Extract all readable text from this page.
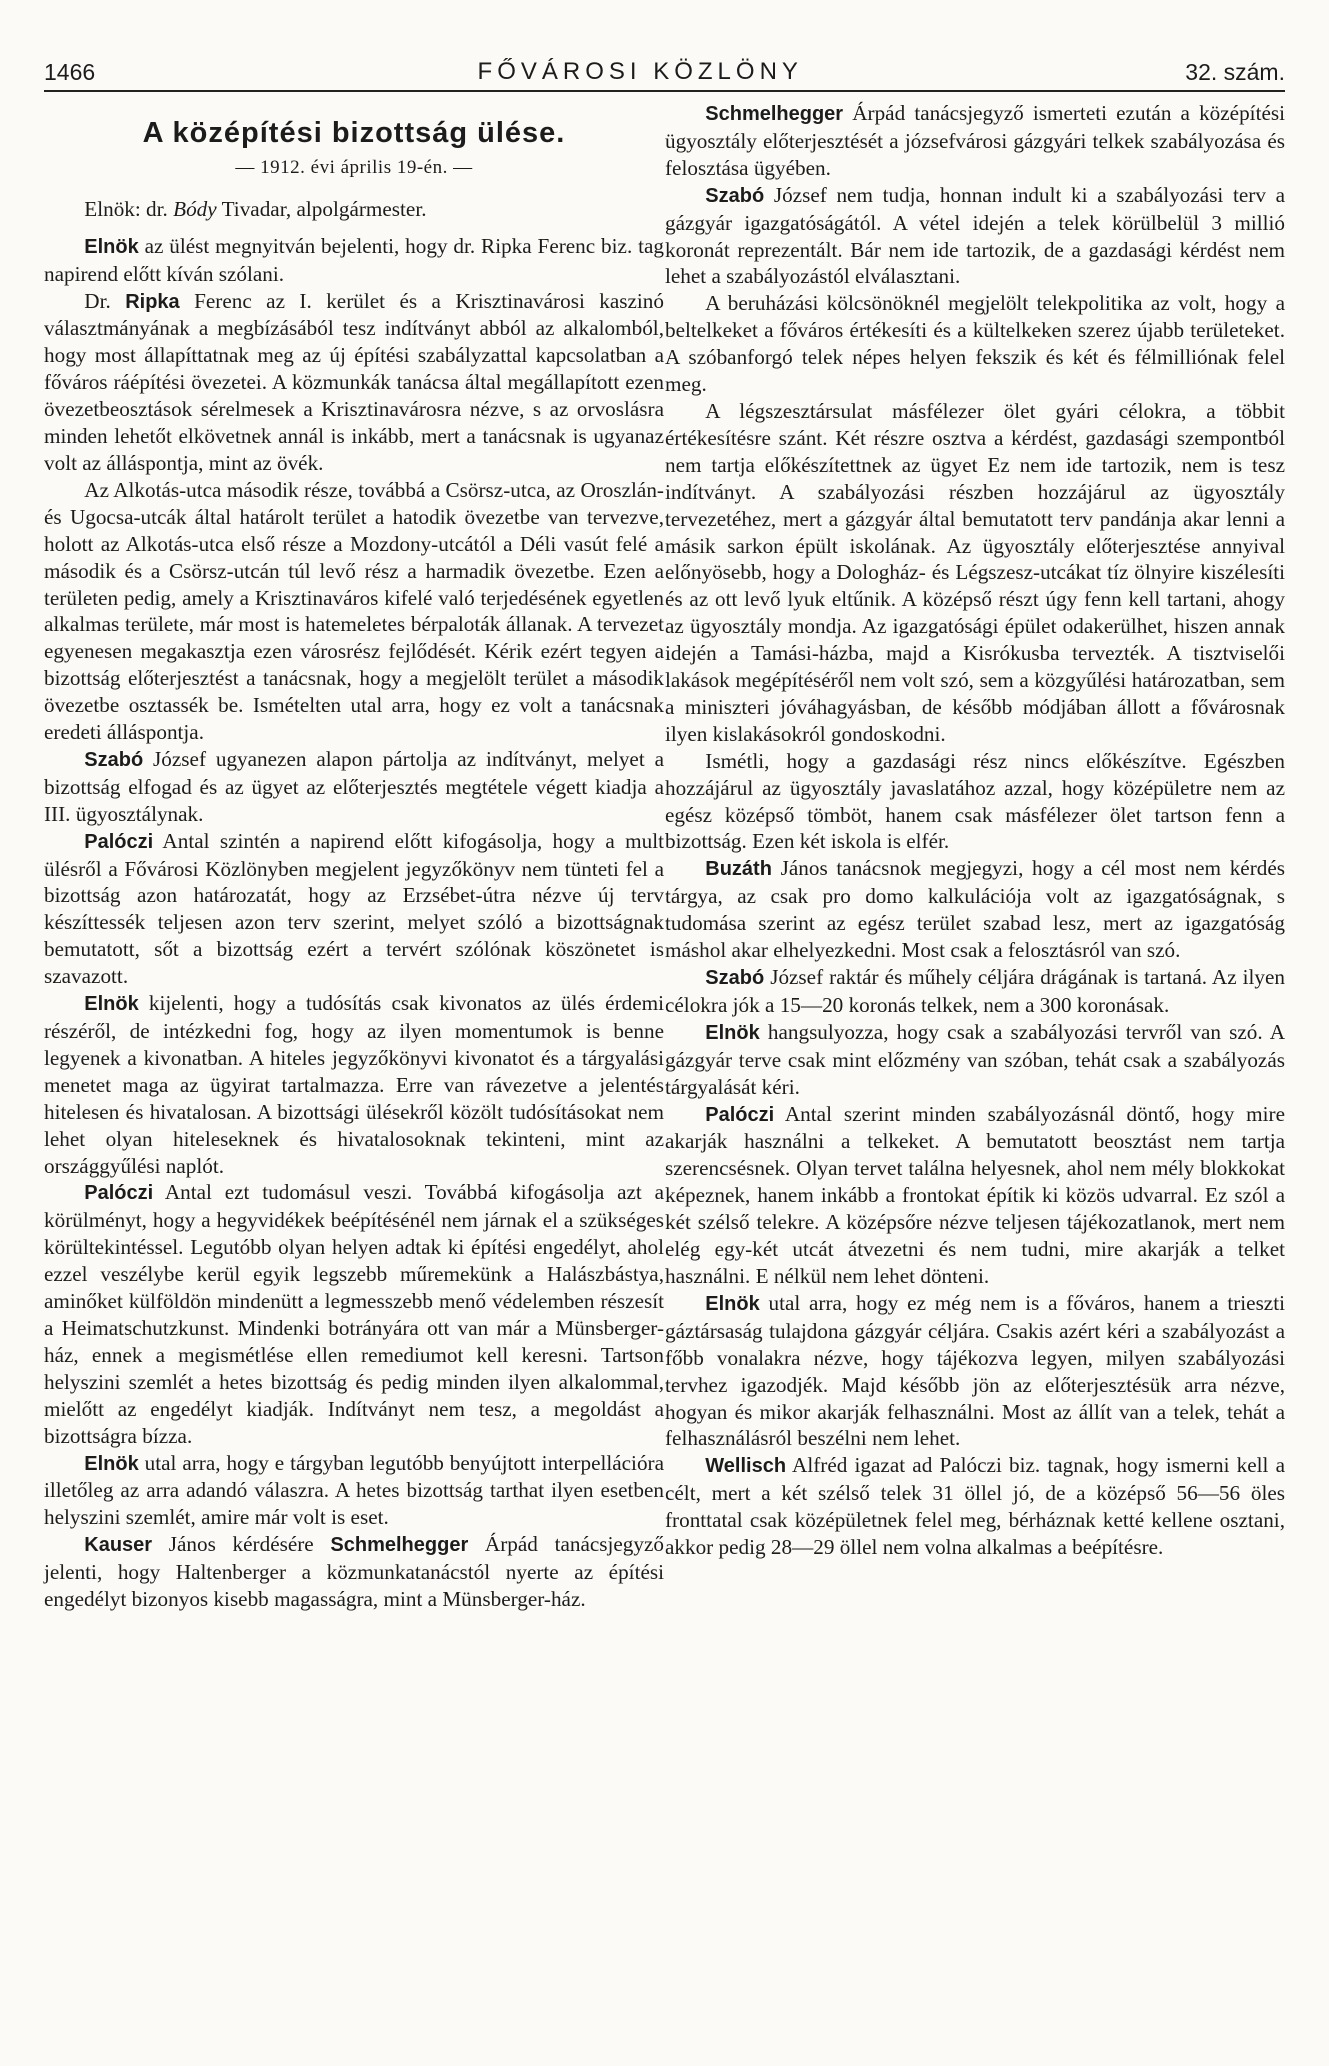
1466	FŐVÁROSI KÖZLÖNY	32. szám.
A középítési bizottság ülése.
— 1912. évi április 19-én. —

Elnök: dr. Bódy Tivadar, alpolgármester.

Elnök az ülést megnyitván bejelenti, hogy dr. Ripka Ferenc biz. tag napirend előtt kíván szólani.

Dr. Ripka Ferenc az I. kerület és a Krisztinavárosi kaszinó választmányának a megbízásából tesz indítványt abból az alkalomból, hogy most állapíttatnak meg az új építési szabályzattal kapcsolatban a főváros ráépítési övezetei. A közmunkák tanácsa által megállapított ezen övezetbeosztások sérelmesek a Krisztinavárosra nézve, s az orvoslásra minden lehetőt elkövetnek annál is inkább, mert a tanácsnak is ugyanaz volt az álláspontja, mint az övék.

Az Alkotás-utca második része, továbbá a Csörsz-utca, az Oroszlán- és Ugocsa-utcák által határolt terület a hatodik övezetbe van tervezve, holott az Alkotás-utca első része a Mozdony-utcától a Déli vasút felé a második és a Csörsz-utcán túl levő rész a harmadik övezetbe. Ezen a területen pedig, amely a Krisztinaváros kifelé való terjedésének egyetlen alkalmas területe, már most is hatemeletes bérpaloták állanak. A tervezet egyenesen megakasztja ezen városrész fejlődését. Kérik ezért tegyen a bizottság előterjesztést a tanácsnak, hogy a megjelölt terület a második övezetbe osztassék be. Ismételten utal arra, hogy ez volt a tanácsnak eredeti álláspontja.

Szabó József ugyanezen alapon pártolja az indítványt, melyet a bizottság elfogad és az ügyet az előterjesztés megtétele végett kiadja a III. ügyosztálynak.

Palóczi Antal szintén a napirend előtt kifogásolja, hogy a mult ülésről a Fővárosi Közlönyben megjelent jegyzőkönyv nem tünteti fel a bizottság azon határozatát, hogy az Erzsébet-útra nézve új terv készíttessék teljesen azon terv szerint, melyet szóló a bizottságnak bemutatott, sőt a bizottság ezért a tervért szólónak köszönetet is szavazott.

Elnök kijelenti, hogy a tudósítás csak kivonatos az ülés érdemi részéről, de intézkedni fog, hogy az ilyen momentumok is benne legyenek a kivonatban. A hiteles jegyzőkönyvi kivonatot és a tárgyalási menetet maga az ügyirat tartalmazza. Erre van rávezetve a jelentés hitelesen és hivatalosan. A bizottsági ülésekről közölt tudósításokat nem lehet olyan hiteleseknek és hivatalosoknak tekinteni, mint az országgyűlési naplót.

Palóczi Antal ezt tudomásul veszi. Továbbá kifogásolja azt a körülményt, hogy a hegyvidékek beépítésénél nem járnak el a szükséges körültekintéssel. Legutóbb olyan helyen adtak ki építési engedélyt, ahol ezzel veszélybe kerül egyik legszebb műremekünk a Halászbástya, aminőket külföldön mindenütt a legmesszebb menő védelemben részesít a Heimatschutzkunst. Mindenki botrányára ott van már a Münsberger-ház, ennek a megismétlése ellen remediumot kell keresni. Tartson helyszini szemlét a hetes bizottság és pedig minden ilyen alkalommal, mielőtt az engedélyt kiadják. Indítványt nem tesz, a megoldást a bizottságra bízza.

Elnök utal arra, hogy e tárgyban legutóbb benyújtott interpellációra illetőleg az arra adandó válaszra. A hetes bizottság tarthat ilyen esetben helyszini szemlét, amire már volt is eset.

Kauser János kérdésére Schmelhegger Árpád tanácsjegyző jelenti, hogy Haltenberger a közmunkatanácstól nyerte az építési engedélyt bizonyos kisebb magasságra, mint a Münsberger-ház.

Schmelhegger Árpád tanácsjegyző ismerteti ezután a középítési ügyosztály előterjesztését a józsefvárosi gázgyári telkek szabályozása és felosztása ügyében.

Szabó József nem tudja, honnan indult ki a szabályozási terv a gázgyár igazgatóságától. A vétel idején a telek körülbelül 3 millió koronát reprezentált. Bár nem ide tartozik, de a gazdasági kérdést nem lehet a szabályozástól elválasztani.

A beruházási kölcsönöknél megjelölt telekpolitika az volt, hogy a beltelkeket a főváros értékesíti és a kültelkeken szerez újabb területeket. A szóbanforgó telek népes helyen fekszik és két és félmilliónak felel meg.

A légszesztársulat másfélezer ölet gyári célokra, a többit értékesítésre szánt. Két részre osztva a kérdést, gazdasági szempontból nem tartja előkészítettnek az ügyet Ez nem ide tartozik, nem is tesz indítványt. A szabályozási részben hozzájárul az ügyosztály tervezetéhez, mert a gázgyár által bemutatott terv pandánja akar lenni a másik sarkon épült iskolának. Az ügyosztály előterjesztése annyival előnyösebb, hogy a Dologház- és Légszesz-utcákat tíz ölnyire kiszélesíti és az ott levő lyuk eltűnik. A középső részt úgy fenn kell tartani, ahogy az ügyosztály mondja. Az igazgatósági épület odakerülhet, hiszen annak idején a Tamási-házba, majd a Kisrókusba tervezték. A tisztviselői lakások megépítéséről nem volt szó, sem a közgyűlési határozatban, sem a miniszteri jóváhagyásban, de később módjában állott a fővárosnak ilyen kislakásokról gondoskodni.

Ismétli, hogy a gazdasági rész nincs előkészítve. Egészben hozzájárul az ügyosztály javaslatához azzal, hogy középületre nem az egész középső tömböt, hanem csak másfélezer ölet tartson fenn a bizottság. Ezen két iskola is elfér.

Buzáth János tanácsnok megjegyzi, hogy a cél most nem kérdés tárgya, az csak pro domo kalkulációja volt az igazgatóságnak, s tudomása szerint az egész terület szabad lesz, mert az igazgatóság máshol akar elhelyezkedni. Most csak a felosztásról van szó.

Szabó József raktár és műhely céljára drágának is tartaná. Az ilyen célokra jók a 15—20 koronás telkek, nem a 300 koronásak.

Elnök hangsulyozza, hogy csak a szabályozási tervről van szó. A gázgyár terve csak mint előzmény van szóban, tehát csak a szabályozás tárgyalását kéri.

Palóczi Antal szerint minden szabályozásnál döntő, hogy mire akarják használni a telkeket. A bemutatott beosztást nem tartja szerencsésnek. Olyan tervet találna helyesnek, ahol nem mély blokkokat képeznek, hanem inkább a frontokat építik ki közös udvarral. Ez szól a két szélső telekre. A középsőre nézve teljesen tájékozatlanok, mert nem elég egy-két utcát átvezetni és nem tudni, mire akarják a telket használni. E nélkül nem lehet dönteni.

Elnök utal arra, hogy ez még nem is a főváros, hanem a trieszti gáztársaság tulajdona gázgyár céljára. Csakis azért kéri a szabályozást a főbb vonalakra nézve, hogy tájékozva legyen, milyen szabályozási tervhez igazodjék. Majd később jön az előterjesztésük arra nézve, hogyan és mikor akarják felhasználni. Most az állít van a telek, tehát a felhasználásról beszélni nem lehet.

Wellisch Alfréd igazat ad Palóczi biz. tagnak, hogy ismerni kell a célt, mert a két szélső telek 31 öllel jó, de a középső 56—56 öles fronttatal csak középületnek felel meg, bérháznak ketté kellene osztani, akkor pedig 28—29 öllel nem volna alkalmas a beépítésre.
